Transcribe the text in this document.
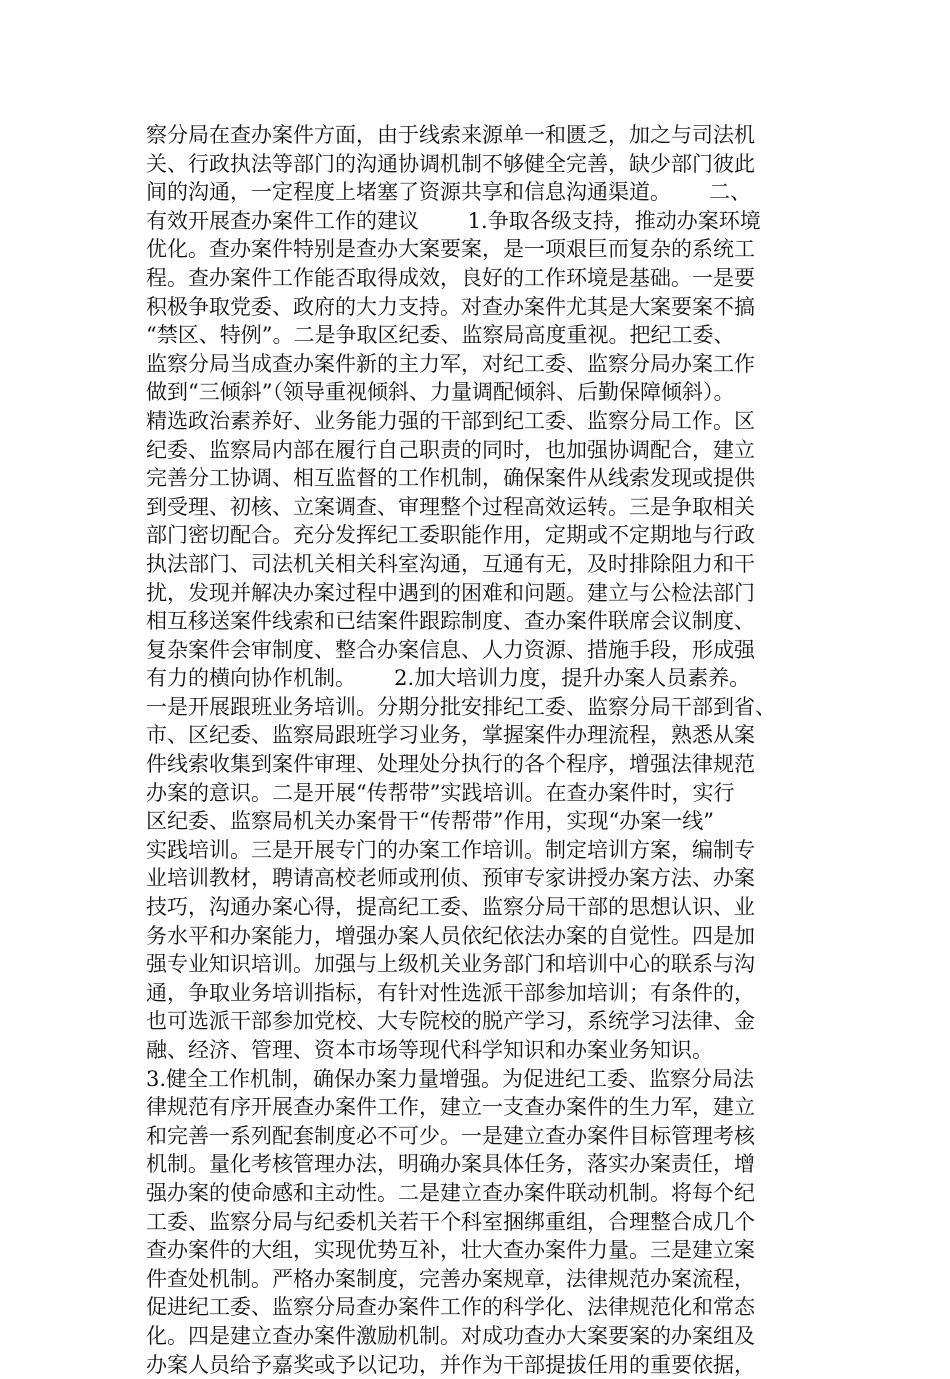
察分局在查办案件方面，由于线索来源单一和匮乏，加之与司法机
关、行政执法等部门的沟通协调机制不够健全完善，缺少部门彼此
间的沟通，一定程度上堵塞了资源共享和信息沟通渠道。　　 二、
有效开展查办案件工作的建议　　 1.争取各级支持，推动办案环境
优化。查办案件特别是查办大案要案，是一项艰巨而复杂的系统工
程。查办案件工作能否取得成效，良好的工作环境是基础。一是要
积极争取党委、政府的大力支持。对查办案件尤其是大案要案不搞
“禁区、特例”。二是争取区纪委、监察局高度重视。把纪工委、
监察分局当成查办案件新的主力军，对纪工委、监察分局办案工作
做到“三倾斜”（领导重视倾斜、力量调配倾斜、后勤保障倾斜）。
精选政治素养好、业务能力强的干部到纪工委、监察分局工作。区
纪委、监察局内部在履行自己职责的同时，也加强协调配合，建立
完善分工协调、相互监督的工作机制，确保案件从线索发现或提供
到受理、初核、立案调查、审理整个过程高效运转。三是争取相关
部门密切配合。充分发挥纪工委职能作用，定期或不定期地与行政
执法部门、司法机关相关科室沟通，互通有无，及时排除阻力和干
扰，发现并解决办案过程中遇到的困难和问题。建立与公检法部门
相互移送案件线索和已结案件跟踪制度、查办案件联席会议制度、
复杂案件会审制度、整合办案信息、人力资源、措施手段，形成强
有力的横向协作机制。　　 2.加大培训力度，提升办案人员素养。
一是开展跟班业务培训。分期分批安排纪工委、监察分局干部到省、
市、区纪委、监察局跟班学习业务，掌握案件办理流程，熟悉从案
件线索收集到案件审理、处理处分执行的各个程序，增强法律规范
办案的意识。二是开展“传帮带”实践培训。在查办案件时，实行
区纪委、监察局机关办案骨干“传帮带”作用，实现“办案一线”
实践培训。三是开展专门的办案工作培训。制定培训方案，编制专
业培训教材，聘请高校老师或刑侦、预审专家讲授办案方法、办案
技巧，沟通办案心得，提高纪工委、监察分局干部的思想认识、业
务水平和办案能力，增强办案人员依纪依法办案的自觉性。四是加
强专业知识培训。加强与上级机关业务部门和培训中心的联系与沟
通，争取业务培训指标，有针对性选派干部参加培训；有条件的，
也可选派干部参加党校、大专院校的脱产学习，系统学习法律、金
融、经济、管理、资本市场等现代科学知识和办案业务知识。　　
3.健全工作机制，确保办案力量增强。为促进纪工委、监察分局法
律规范有序开展查办案件工作，建立一支查办案件的生力军，建立
和完善一系列配套制度必不可少。一是建立查办案件目标管理考核
机制。量化考核管理办法，明确办案具体任务，落实办案责任，增
强办案的使命感和主动性。二是建立查办案件联动机制。将每个纪
工委、监察分局与纪委机关若干个科室捆绑重组，合理整合成几个
查办案件的大组，实现优势互补，壮大查办案件力量。三是建立案
件查处机制。严格办案制度，完善办案规章，法律规范办案流程，
促进纪工委、监察分局查办案件工作的科学化、法律规范化和常态
化。四是建立查办案件激励机制。对成功查办大案要案的办案组及
办案人员给予嘉奖或予以记功，并作为干部提拔任用的重要依据，
